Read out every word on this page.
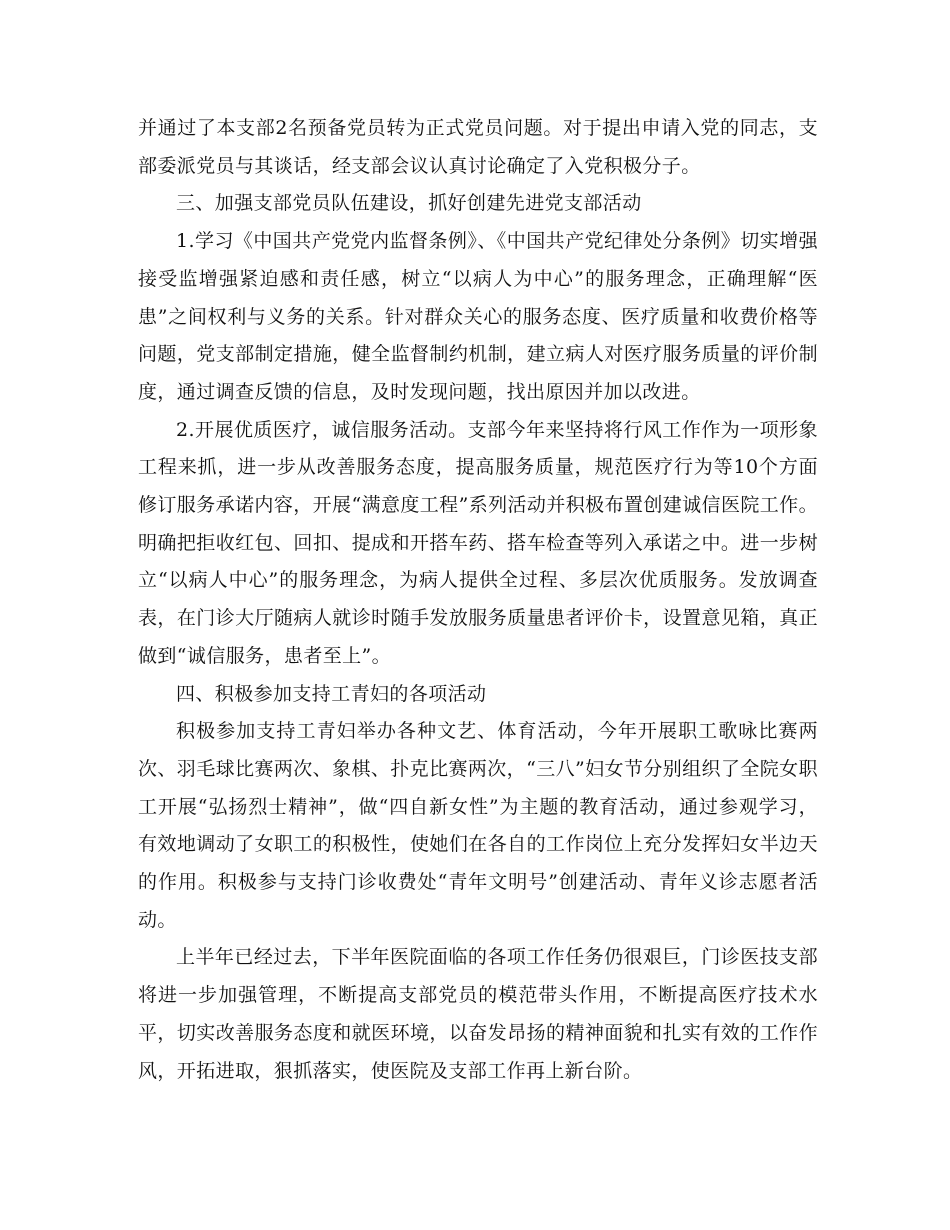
并通过了本支部2名预备党员转为正式党员问题。对于提出申请入党的同志，支部委派党员与其谈话，经支部会议认真讨论确定了入党积极分子。

三、加强支部党员队伍建设，抓好创建先进党支部活动

1.学习《中国共产党党内监督条例》、《中国共产党纪律处分条例》切实增强接受监增强紧迫感和责任感，树立“以病人为中心”的服务理念，正确理解“医患”之间权利与义务的关系。针对群众关心的服务态度、医疗质量和收费价格等问题，党支部制定措施，健全监督制约机制，建立病人对医疗服务质量的评价制度，通过调查反馈的信息，及时发现问题，找出原因并加以改进。

2.开展优质医疗，诚信服务活动。支部今年来坚持将行风工作作为一项形象工程来抓，进一步从改善服务态度，提高服务质量，规范医疗行为等10个方面修订服务承诺内容，开展“满意度工程”系列活动并积极布置创建诚信医院工作。明确把拒收红包、回扣、提成和开搭车药、搭车检查等列入承诺之中。进一步树立“以病人中心”的服务理念，为病人提供全过程、多层次优质服务。发放调查表，在门诊大厅随病人就诊时随手发放服务质量患者评价卡，设置意见箱，真正做到“诚信服务，患者至上”。

四、积极参加支持工青妇的各项活动

积极参加支持工青妇举办各种文艺、体育活动，今年开展职工歌咏比赛两次、羽毛球比赛两次、象棋、扑克比赛两次，“三八”妇女节分别组织了全院女职工开展“弘扬烈士精神”，做“四自新女性”为主题的教育活动，通过参观学习，有效地调动了女职工的积极性，使她们在各自的工作岗位上充分发挥妇女半边天的作用。积极参与支持门诊收费处“青年文明号”创建活动、青年义诊志愿者活动。

上半年已经过去，下半年医院面临的各项工作任务仍很艰巨，门诊医技支部将进一步加强管理，不断提高支部党员的模范带头作用，不断提高医疗技术水平，切实改善服务态度和就医环境，以奋发昂扬的精神面貌和扎实有效的工作作风，开拓进取，狠抓落实，使医院及支部工作再上新台阶。
